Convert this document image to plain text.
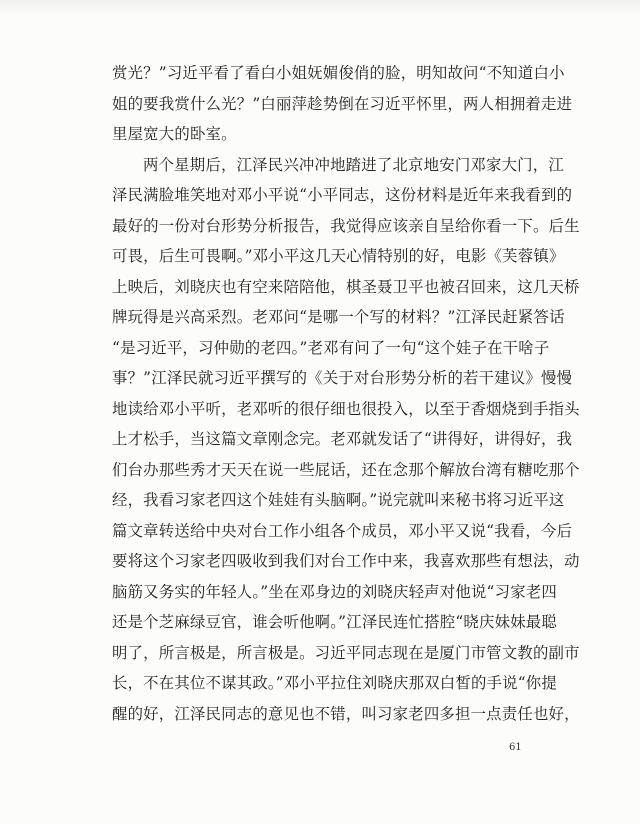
赏光？”习近平看了看白小姐妩媚俊俏的脸，明知故问“不知道白小
姐的要我赏什么光？”白丽萍趁势倒在习近平怀里，两人相拥着走进
里屋宽大的卧室。
两个星期后，江泽民兴冲冲地踏进了北京地安门邓家大门，江
泽民满脸堆笑地对邓小平说“小平同志，这份材料是近年来我看到的
最好的一份对台形势分析报告，我觉得应该亲自呈给你看一下。后生
可畏，后生可畏啊。”邓小平这几天心情特别的好，电影《芙蓉镇》
上映后，刘晓庆也有空来陪陪他，棋圣聂卫平也被召回来，这几天桥
牌玩得是兴高采烈。老邓问“是哪一个写的材料？”江泽民赶紧答话
“是习近平，习仲勋的老四。”老邓有问了一句“这个娃子在干啥子
事？”江泽民就习近平撰写的《关于对台形势分析的若干建议》慢慢
地读给邓小平听，老邓听的很仔细也很投入，以至于香烟烧到手指头
上才松手，当这篇文章刚念完。老邓就发话了“讲得好，讲得好，我
们台办那些秀才天天在说一些屁话，还在念那个解放台湾有糖吃那个
经，我看习家老四这个娃娃有头脑啊。”说完就叫来秘书将习近平这
篇文章转送给中央对台工作小组各个成员，邓小平又说“我看，今后
要将这个习家老四吸收到我们对台工作中来，我喜欢那些有想法，动
脑筋又务实的年轻人。”坐在邓身边的刘晓庆轻声对他说“习家老四
还是个芝麻绿豆官，谁会听他啊。”江泽民连忙搭腔“晓庆妹妹最聪
明了，所言极是，所言极是。习近平同志现在是厦门市管文教的副市
长，不在其位不谋其政。”邓小平拉住刘晓庆那双白皙的手说“你提
醒的好，江泽民同志的意见也不错，叫习家老四多担一点责任也好，
61
